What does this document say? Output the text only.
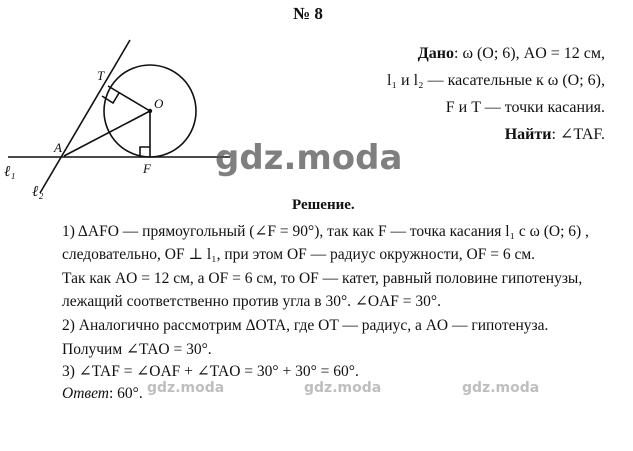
№ 8
Дано: ω (O; 6), AO = 12 см,
l₁ и l₂ — касательные к ω (O; 6),
F и T — точки касания.
Найти: ∠TAF.
T
O
A
F
ℓ₁
ℓ₂
gdz.moda
Решение.
1) ΔAFO — прямоугольный (∠F = 90°), так как F — точка касания l₁ с ω (O; 6) ,
следовательно, OF ⊥ l₁, при этом OF — радиус окружности, OF = 6 см.
Так как AO = 12 см, а OF = 6 см, то OF — катет, равный половине гипотенузы,
лежащий соответственно против угла в 30°. ∠OAF = 30°.
2) Аналогично рассмотрим ΔOTA, где OT — радиус, а AO — гипотенуза.
Получим ∠TAO = 30°.
3) ∠TAF = ∠OAF + ∠TAO = 30° + 30° = 60°.
Ответ: 60°. gdz.moda	gdz.moda	gdz.moda
